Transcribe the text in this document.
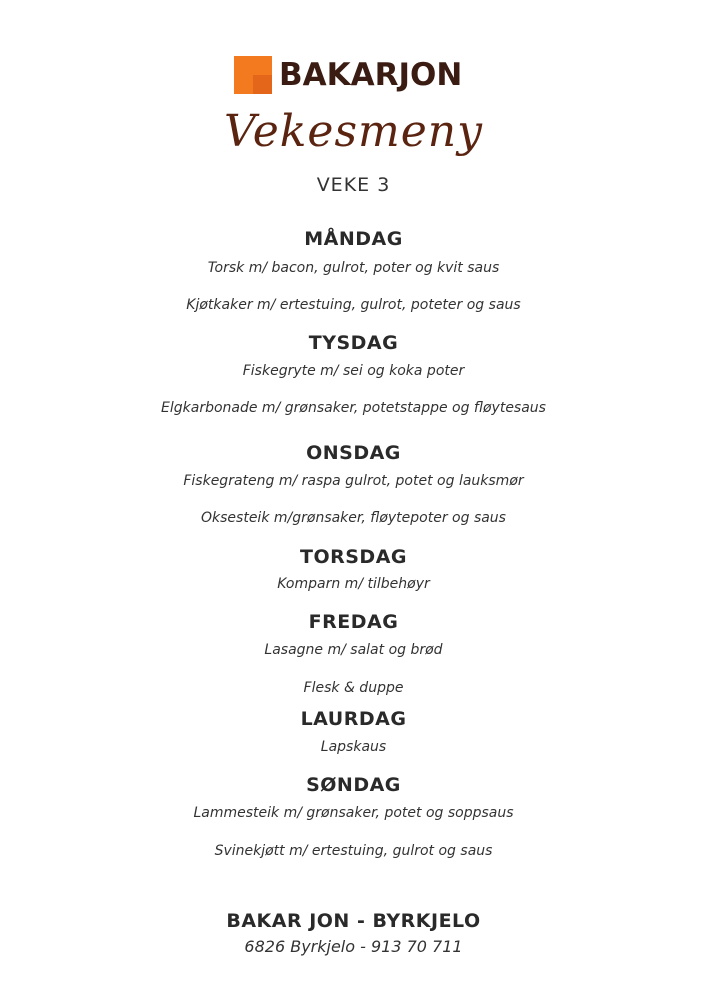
BAKARJON
Vekesmeny
VEKE 3
MÅNDAG
Torsk m/ bacon, gulrot, poter og kvit saus
Kjøtkaker m/ ertestuing, gulrot, poteter og saus
TYSDAG
Fiskegryte m/ sei og koka poter
Elgkarbonade m/ grønsaker, potetstappe og fløytesaus
ONSDAG
Fiskegrateng m/ raspa gulrot, potet og lauksmør
Oksesteik m/grønsaker, fløytepoter og saus
TORSDAG
Komparn m/ tilbehøyr
FREDAG
Lasagne m/ salat og brød
Flesk & duppe
LAURDAG
Lapskaus
SØNDAG
Lammesteik m/ grønsaker, potet og soppsaus
Svinekjøtt m/ ertestuing, gulrot og saus
BAKAR JON - BYRKJELO
6826 Byrkjelo - 913 70 711
